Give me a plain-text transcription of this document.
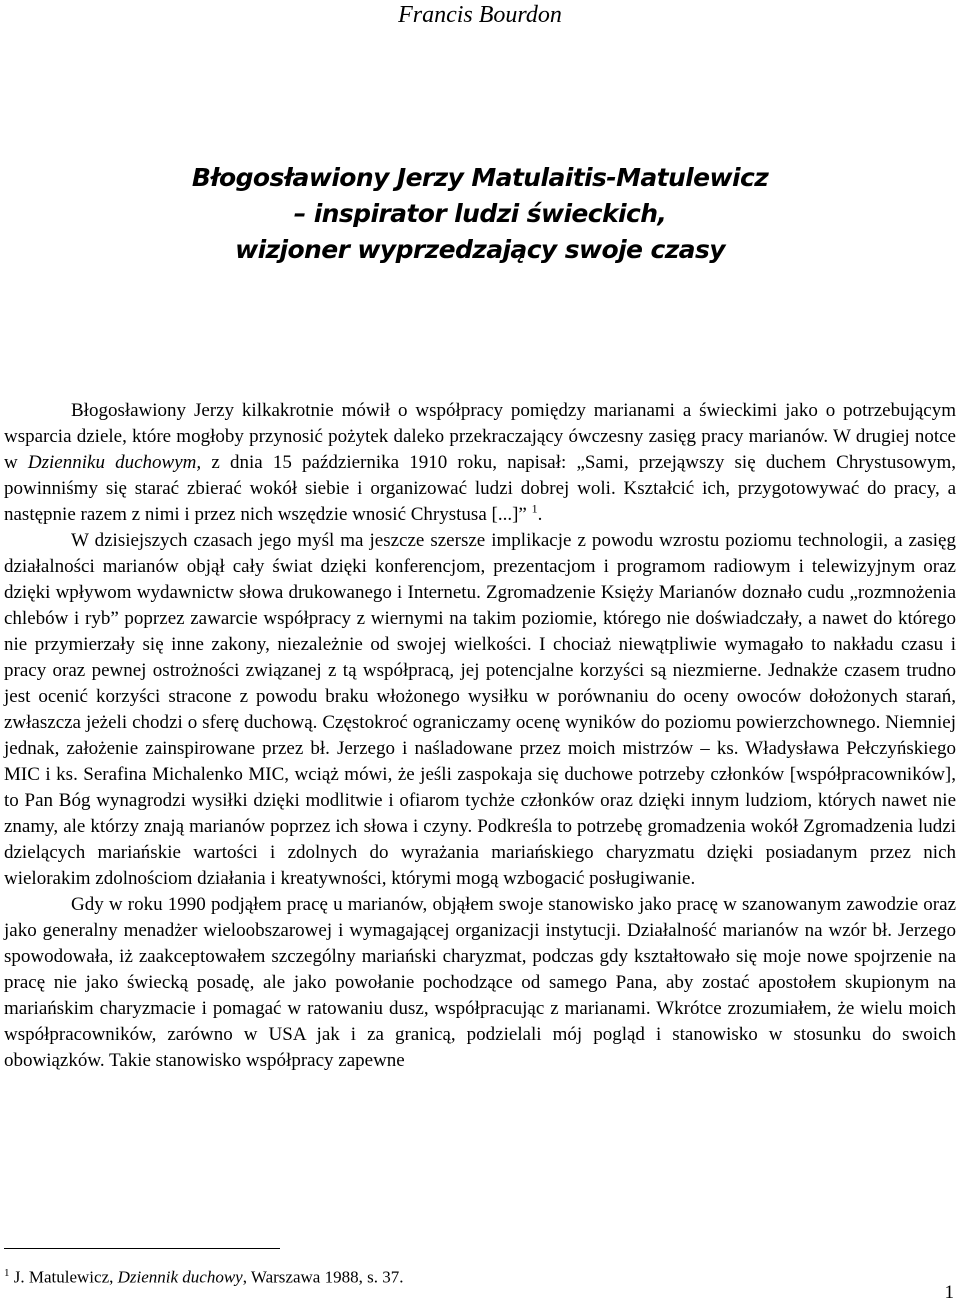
Francis Bourdon
Błogosławiony Jerzy Matulaitis-Matulewicz
– inspirator ludzi świeckich,
wizjoner wyprzedzający swoje czasy

Błogosławiony Jerzy kilkakrotnie mówił o współpracy pomiędzy marianami a świeckimi jako o potrzebującym wsparcia dziele, które mogłoby przynosić pożytek daleko przekraczający ówczesny zasięg pracy marianów. W drugiej notce w Dzienniku duchowym, z dnia 15 października 1910 roku, napisał: „Sami, przejąwszy się duchem Chrystusowym, powinniśmy się starać zbierać wokół siebie i organizować ludzi dobrej woli. Kształcić ich, przygotowywać do pracy, a następnie razem z nimi i przez nich wszędzie wnosić Chrystusa [...]” $^1$.

W dzisiejszych czasach jego myśl ma jeszcze szersze implikacje z powodu wzrostu poziomu technologii, a zasięg działalności marianów objął cały świat dzięki konferencjom, prezentacjom i programom radiowym i telewizyjnym oraz dzięki wpływom wydawnictw słowa drukowanego i Internetu. Zgromadzenie Księży Marianów doznało cudu „rozmnożenia chlebów i ryb” poprzez zawarcie współpracy z wiernymi na takim poziomie, którego nie doświadczały, a nawet do którego nie przymierzały się inne zakony, niezależnie od swojej wielkości. I chociaż niewątpliwie wymagało to nakładu czasu i pracy oraz pewnej ostrożności związanej z tą współpracą, jej potencjalne korzyści są niezmierne. Jednakże czasem trudno jest ocenić korzyści stracone z powodu braku włożonego wysiłku w porównaniu do oceny owoców dołożonych starań, zwłaszcza jeżeli chodzi o sferę duchową. Częstokroć ograniczamy ocenę wyników do poziomu powierzchownego. Niemniej jednak, założenie zainspirowane przez bł. Jerzego i naśladowane przez moich mistrzów – ks. Władysława Pełczyńskiego MIC i ks. Serafina Michalenko MIC, wciąż mówi, że jeśli zaspokaja się duchowe potrzeby członków [współpracowników], to Pan Bóg wynagrodzi wysiłki dzięki modlitwie i ofiarom tychże członków oraz dzięki innym ludziom, których nawet nie znamy, ale którzy znają marianów poprzez ich słowa i czyny. Podkreśla to potrzebę gromadzenia wokół Zgromadzenia ludzi dzielących mariańskie wartości i zdolnych do wyrażania mariańskiego charyzmatu dzięki posiadanym przez nich wielorakim zdolnościom działania i kreatywności, którymi mogą wzbogacić posługiwanie.

Gdy w roku 1990 podjąłem pracę u marianów, objąłem swoje stanowisko jako pracę w szanowanym zawodzie oraz jako generalny menadżer wieloobszarowej i wymagającej organizacji instytucji. Działalność marianów na wzór bł. Jerzego spowodowała, iż zaakceptowałem szczególny mariański charyzmat, podczas gdy kształtowało się moje nowe spojrzenie na pracę nie jako świecką posadę, ale jako powołanie pochodzące od samego Pana, aby zostać apostołem skupionym na mariańskim charyzmacie i pomagać w ratowaniu dusz, współpracując z marianami. Wkrótce zrozumiałem, że wielu moich współpracowników, zarówno w USA jak i za granicą, podzielali mój pogląd i stanowisko w stosunku do swoich obowiązków. Takie stanowisko współpracy zapewne

$^1$ J. Matulewicz, Dziennik duchowy, Warszawa 1988, s. 37.
1
